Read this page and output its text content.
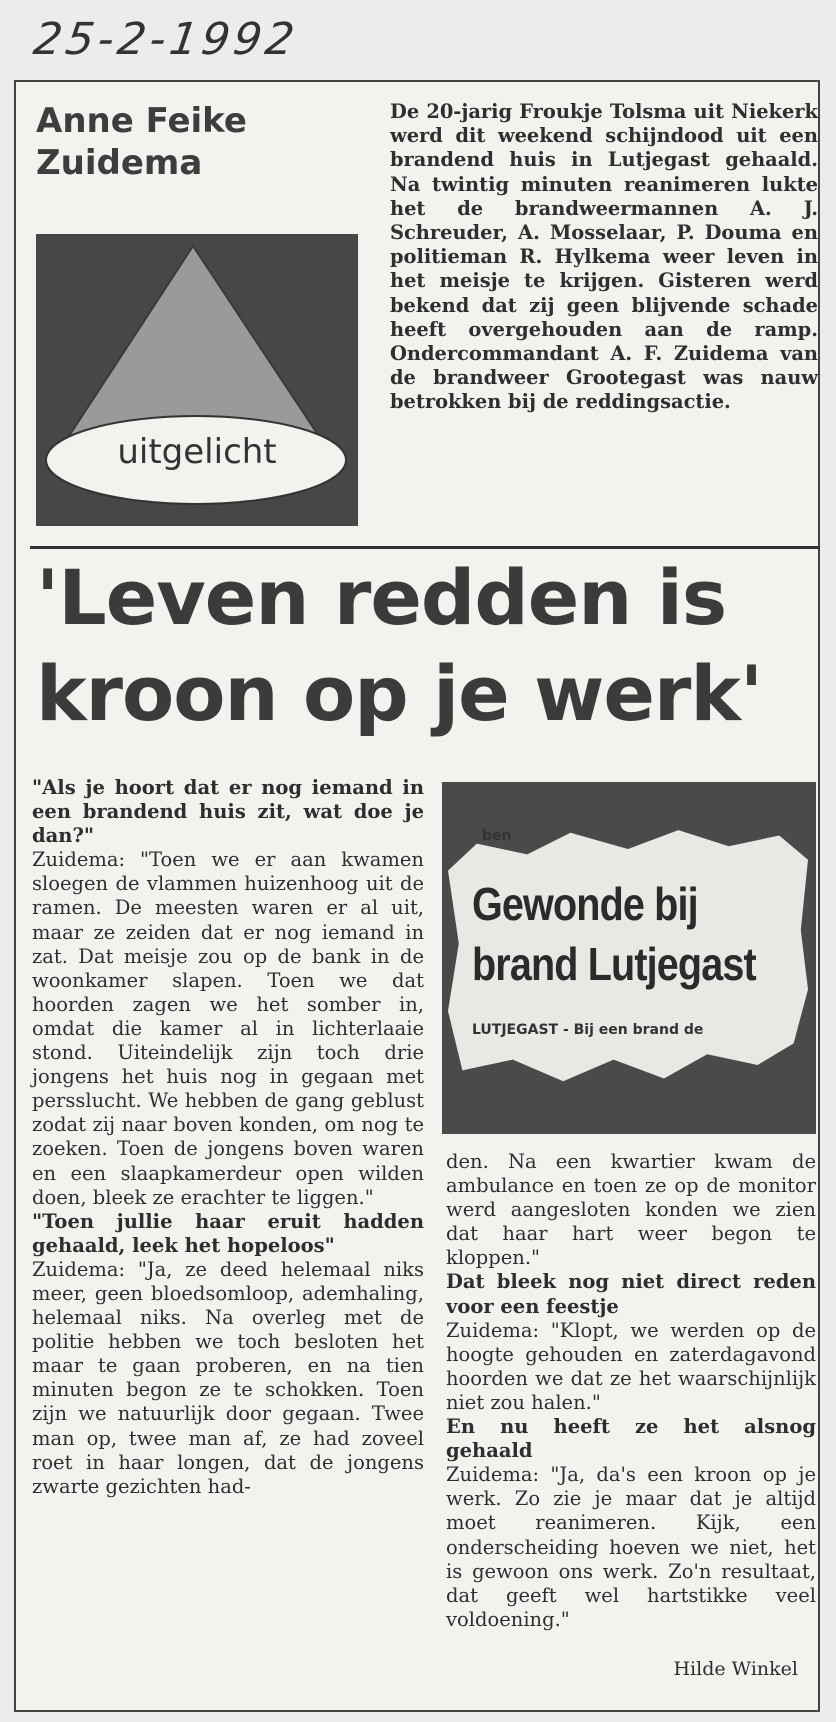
25-2-1992
Anne Feike
Zuidema
uitgelicht
De 20-jarig Froukje Tolsma uit Niekerk werd dit weekend schijndood uit een brandend huis in Lutjegast gehaald. Na twintig minuten reanimeren lukte het de brandweermannen A. J. Schreuder, A. Mosselaar, P. Douma en politieman R. Hylkema weer leven in het meisje te krijgen. Gisteren werd bekend dat zij geen blijvende schade heeft overgehouden aan de ramp. Ondercommandant A. F. Zuidema van de brandweer Grootegast was nauw betrokken bij de reddingsactie.
'Leven redden is kroon op je werk'

"Als je hoort dat er nog iemand in een brandend huis zit, wat doe je dan?"

Zuidema: "Toen we er aan kwamen sloegen de vlammen huizenhoog uit de ramen. De meesten waren er al uit, maar ze zeiden dat er nog iemand in zat. Dat meisje zou op de bank in de woonkamer slapen. Toen we dat hoorden zagen we het somber in, omdat die kamer al in lichterlaaie stond. Uiteindelijk zijn toch drie jongens het huis nog in gegaan met persslucht. We hebben de gang geblust zodat zij naar boven konden, om nog te zoeken. Toen de jongens boven waren en een slaapkamerdeur open wilden doen, bleek ze erachter te liggen."

"Toen jullie haar eruit hadden gehaald, leek het hopeloos"

Zuidema: "Ja, ze deed helemaal niks meer, geen bloedsomloop, ademhaling, helemaal niks. Na overleg met de politie hebben we toch besloten het maar te gaan proberen, en na tien minuten begon ze te schokken. Toen zijn we natuurlijk door gegaan. Twee man op, twee man af, ze had zoveel roet in haar longen, dat de jongens zwarte gezichten had-

ben
Gewonde bij
brand Lutjegast
LUTJEGAST - Bij een brand de

den. Na een kwartier kwam de ambulance en toen ze op de monitor werd aangesloten konden we zien dat haar hart weer begon te kloppen."

Dat bleek nog niet direct reden voor een feestje

Zuidema: "Klopt, we werden op de hoogte gehouden en zaterdagavond hoorden we dat ze het waarschijnlijk niet zou halen."

En nu heeft ze het alsnog gehaald

Zuidema: "Ja, da's een kroon op je werk. Zo zie je maar dat je altijd moet reanimeren. Kijk, een onderscheiding hoeven we niet, het is gewoon ons werk. Zo'n resultaat, dat geeft wel hartstikke veel voldoening."

Hilde Winkel
